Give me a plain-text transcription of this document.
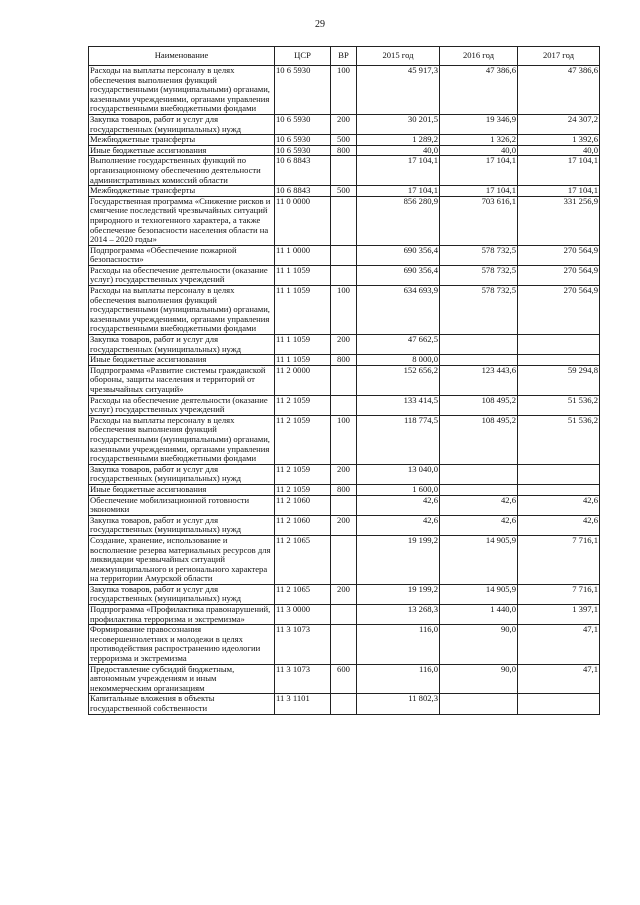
29
Наименование	ЦСР	ВР	2015 год	2016 год	2017 год
Расходы на выплаты персоналу в целях обеспечения выполнения функций государственными (муниципальными) органами, казенными учреждениями, органами управления государственными внебюджетными фондами	10 6 5930	100	45 917,3	47 386,6	47 386,6
Закупка товаров, работ и услуг для государственных (муниципальных) нужд	10 6 5930	200	30 201,5	19 346,9	24 307,2
Межбюджетные трансферты	10 6 5930	500	1 289,2	1 326,2	1 392,6
Иные бюджетные ассигнования	10 6 5930	800	40,0	40,0	40,0
Выполнение государственных функций по организационному обеспечению деятельности административных комиссий области	10 6 8843		17 104,1	17 104,1	17 104,1
Межбюджетные трансферты	10 6 8843	500	17 104,1	17 104,1	17 104,1
Государственная программа «Снижение рисков и смягчение последствий чрезвычайных ситуаций природного и техногенного характера, а также обеспечение безопасности населения области на 2014 – 2020 годы»	11 0 0000		856 280,9	703 616,1	331 256,9
Подпрограмма «Обеспечение пожарной безопасности»	11 1 0000		690 356,4	578 732,5	270 564,9
Расходы на обеспечение деятельности (оказание услуг) государственных учреждений	11 1 1059		690 356,4	578 732,5	270 564,9
Расходы на выплаты персоналу в целях обеспечения выполнения функций государственными (муниципальными) органами, казенными учреждениями, органами управления государственными внебюджетными фондами	11 1 1059	100	634 693,9	578 732,5	270 564,9
Закупка товаров, работ и услуг для государственных (муниципальных) нужд	11 1 1059	200	47 662,5		
Иные бюджетные ассигнования	11 1 1059	800	8 000,0		
Подпрограмма «Развитие системы гражданской обороны, защиты населения и территорий от чрезвычайных ситуаций»	11 2 0000		152 656,2	123 443,6	59 294,8
Расходы на обеспечение деятельности (оказание услуг) государственных учреждений	11 2 1059		133 414,5	108 495,2	51 536,2
Расходы на выплаты персоналу в целях обеспечения выполнения функций государственными (муниципальными) органами, казенными учреждениями, органами управления государственными внебюджетными фондами	11 2 1059	100	118 774,5	108 495,2	51 536,2
Закупка товаров, работ и услуг для государственных (муниципальных) нужд	11 2 1059	200	13 040,0		
Иные бюджетные ассигнования	11 2 1059	800	1 600,0		
Обеспечение мобилизационной готовности экономики	11 2 1060		42,6	42,6	42,6
Закупка товаров, работ и услуг для государственных (муниципальных) нужд	11 2 1060	200	42,6	42,6	42,6
Создание, хранение, использование и восполнение резерва материальных ресурсов для ликвидации чрезвычайных ситуаций межмуниципального и регионального характера на территории Амурской области	11 2 1065		19 199,2	14 905,9	7 716,1
Закупка товаров, работ и услуг для государственных (муниципальных) нужд	11 2 1065	200	19 199,2	14 905,9	7 716,1
Подпрограмма «Профилактика правонарушений, профилактика терроризма и экстремизма»	11 3 0000		13 268,3	1 440,0	1 397,1
Формирование правосознания несовершеннолетних и молодежи в целях противодействия распространению идеологии терроризма и экстремизма	11 3 1073		116,0	90,0	47,1
Предоставление субсидий бюджетным, автономным учреждениям и иным некоммерческим организациям	11 3 1073	600	116,0	90,0	47,1
Капитальные вложения в объекты государственной собственности	11 3 1101		11 802,3		
